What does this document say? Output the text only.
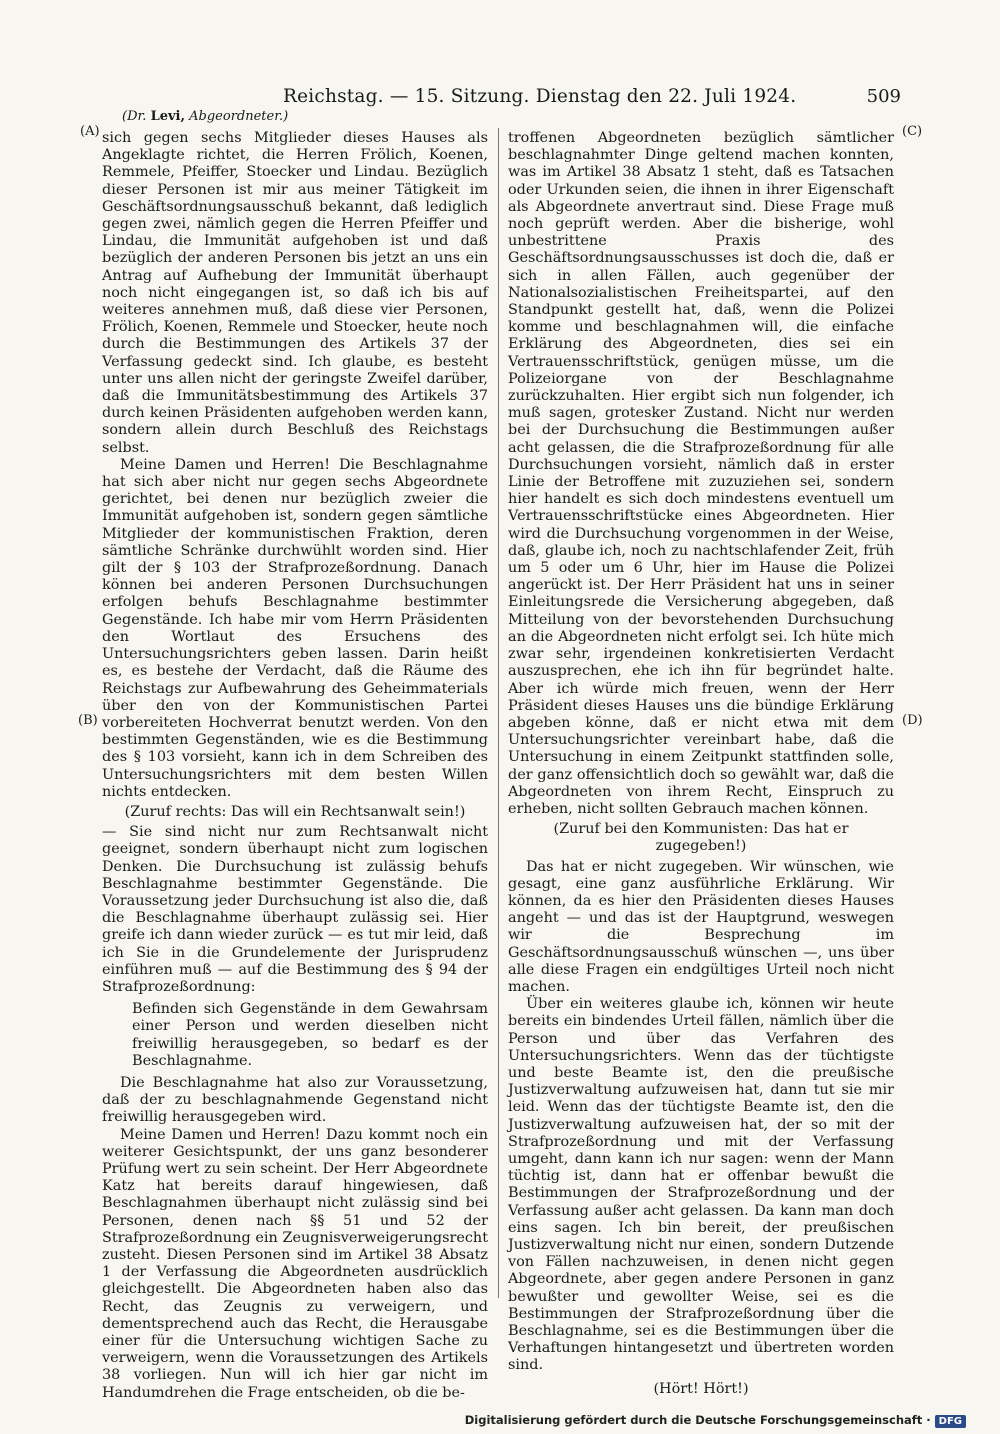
Reichstag. — 15. Sitzung. Dienstag den 22. Juli 1924.	509
(Dr. Levi, Abgeordneter.)
(A)
(B)
(C)
(D)

sich gegen sechs Mitglieder dieses Hauses als Angeklagte richtet, die Herren Frölich, Koenen, Remmele, Pfeiffer, Stoecker und Lindau. Bezüglich dieser Personen ist mir aus meiner Tätigkeit im Geschäftsordnungsausschuß bekannt, daß lediglich gegen zwei, nämlich gegen die Herren Pfeiffer und Lindau, die Immunität aufgehoben ist und daß bezüglich der anderen Personen bis jetzt an uns ein Antrag auf Aufhebung der Immunität überhaupt noch nicht eingegangen ist, so daß ich bis auf weiteres annehmen muß, daß diese vier Personen, Frölich, Koenen, Remmele und Stoecker, heute noch durch die Bestimmungen des Artikels 37 der Verfassung gedeckt sind. Ich glaube, es besteht unter uns allen nicht der geringste Zweifel darüber, daß die Immunitätsbestimmung des Artikels 37 durch keinen Präsidenten aufgehoben werden kann, sondern allein durch Beschluß des Reichstags selbst.

Meine Damen und Herren! Die Beschlagnahme hat sich aber nicht nur gegen sechs Abgeordnete gerichtet, bei denen nur bezüglich zweier die Immunität aufgehoben ist, sondern gegen sämtliche Mitglieder der kommunistischen Fraktion, deren sämtliche Schränke durchwühlt worden sind. Hier gilt der § 103 der Strafprozeßordnung. Danach können bei anderen Personen Durchsuchungen erfolgen behufs Beschlagnahme bestimmter Gegenstände. Ich habe mir vom Herrn Präsidenten den Wortlaut des Ersuchens des Untersuchungsrichters geben lassen. Darin heißt es, es bestehe der Verdacht, daß die Räume des Reichstags zur Aufbewahrung des Geheimmaterials über den von der Kommunistischen Partei vorbereiteten Hochverrat benutzt werden. Von den bestimmten Gegenständen, wie es die Bestimmung des § 103 vorsieht, kann ich in dem Schreiben des Untersuchungsrichters mit dem besten Willen nichts entdecken.

(Zuruf rechts: Das will ein Rechtsanwalt sein!)

— Sie sind nicht nur zum Rechtsanwalt nicht geeignet, sondern überhaupt nicht zum logischen Denken. Die Durchsuchung ist zulässig behufs Beschlagnahme bestimmter Gegenstände. Die Voraussetzung jeder Durchsuchung ist also die, daß die Beschlagnahme überhaupt zulässig sei. Hier greife ich dann wieder zurück — es tut mir leid, daß ich Sie in die Grundelemente der Jurisprudenz einführen muß — auf die Bestimmung des § 94 der Strafprozeßordnung:

Befinden sich Gegenstände in dem Gewahrsam einer Person und werden dieselben nicht freiwillig herausgegeben, so bedarf es der Beschlagnahme.

Die Beschlagnahme hat also zur Voraussetzung, daß der zu beschlagnahmende Gegenstand nicht freiwillig herausgegeben wird.

Meine Damen und Herren! Dazu kommt noch ein weiterer Gesichtspunkt, der uns ganz besonderer Prüfung wert zu sein scheint. Der Herr Abgeordnete Katz hat bereits darauf hingewiesen, daß Beschlagnahmen überhaupt nicht zulässig sind bei Personen, denen nach §§ 51 und 52 der Strafprozeßordnung ein Zeugnisverweigerungsrecht zusteht. Diesen Personen sind im Artikel 38 Absatz 1 der Verfassung die Abgeordneten ausdrücklich gleichgestellt. Die Abgeordneten haben also das Recht, das Zeugnis zu verweigern, und dementsprechend auch das Recht, die Herausgabe einer für die Untersuchung wichtigen Sache zu verweigern, wenn die Voraussetzungen des Artikels 38 vorliegen. Nun will ich hier gar nicht im Handumdrehen die Frage entscheiden, ob die be-

troffenen Abgeordneten bezüglich sämtlicher beschlagnahmter Dinge geltend machen konnten, was im Artikel 38 Absatz 1 steht, daß es Tatsachen oder Urkunden seien, die ihnen in ihrer Eigenschaft als Abgeordnete anvertraut sind. Diese Frage muß noch geprüft werden. Aber die bisherige, wohl unbestrittene Praxis des Geschäftsordnungsausschusses ist doch die, daß er sich in allen Fällen, auch gegenüber der Nationalsozialistischen Freiheitspartei, auf den Standpunkt gestellt hat, daß, wenn die Polizei komme und beschlagnahmen will, die einfache Erklärung des Abgeordneten, dies sei ein Vertrauensschriftstück, genügen müsse, um die Polizeiorgane von der Beschlagnahme zurückzuhalten. Hier ergibt sich nun folgender, ich muß sagen, grotesker Zustand. Nicht nur werden bei der Durchsuchung die Bestimmungen außer acht gelassen, die die Strafprozeßordnung für alle Durchsuchungen vorsieht, nämlich daß in erster Linie der Betroffene mit zuzuziehen sei, sondern hier handelt es sich doch mindestens eventuell um Vertrauensschriftstücke eines Abgeordneten. Hier wird die Durchsuchung vorgenommen in der Weise, daß, glaube ich, noch zu nachtschlafender Zeit, früh um 5 oder um 6 Uhr, hier im Hause die Polizei angerückt ist. Der Herr Präsident hat uns in seiner Einleitungsrede die Versicherung abgegeben, daß Mitteilung von der bevorstehenden Durchsuchung an die Abgeordneten nicht erfolgt sei. Ich hüte mich zwar sehr, irgendeinen konkretisierten Verdacht auszusprechen, ehe ich ihn für begründet halte. Aber ich würde mich freuen, wenn der Herr Präsident dieses Hauses uns die bündige Erklärung abgeben könne, daß er nicht etwa mit dem Untersuchungsrichter vereinbart habe, daß die Untersuchung in einem Zeitpunkt stattfinden solle, der ganz offensichtlich doch so gewählt war, daß die Abgeordneten von ihrem Recht, Einspruch zu erheben, nicht sollten Gebrauch machen können.

(Zuruf bei den Kommunisten: Das hat er zugegeben!)

Das hat er nicht zugegeben. Wir wünschen, wie gesagt, eine ganz ausführliche Erklärung. Wir können, da es hier den Präsidenten dieses Hauses angeht — und das ist der Hauptgrund, weswegen wir die Besprechung im Geschäftsordnungsausschuß wünschen —, uns über alle diese Fragen ein endgültiges Urteil noch nicht machen.

Über ein weiteres glaube ich, können wir heute bereits ein bindendes Urteil fällen, nämlich über die Person und über das Verfahren des Untersuchungsrichters. Wenn das der tüchtigste und beste Beamte ist, den die preußische Justizverwaltung aufzuweisen hat, dann tut sie mir leid. Wenn das der tüchtigste Beamte ist, den die Justizverwaltung aufzuweisen hat, der so mit der Strafprozeßordnung und mit der Verfassung umgeht, dann kann ich nur sagen: wenn der Mann tüchtig ist, dann hat er offenbar bewußt die Bestimmungen der Strafprozeßordnung und der Verfassung außer acht gelassen. Da kann man doch eins sagen. Ich bin bereit, der preußischen Justizverwaltung nicht nur einen, sondern Dutzende von Fällen nachzuweisen, in denen nicht gegen Abgeordnete, aber gegen andere Personen in ganz bewußter und gewollter Weise, sei es die Bestimmungen der Strafprozeßordnung über die Beschlagnahme, sei es die Bestimmungen über die Verhaftungen hintangesetzt und übertreten worden sind.

(Hört! Hört!)

Digitalisierung gefördert durch die Deutsche Forschungsgemeinschaft · DFG
